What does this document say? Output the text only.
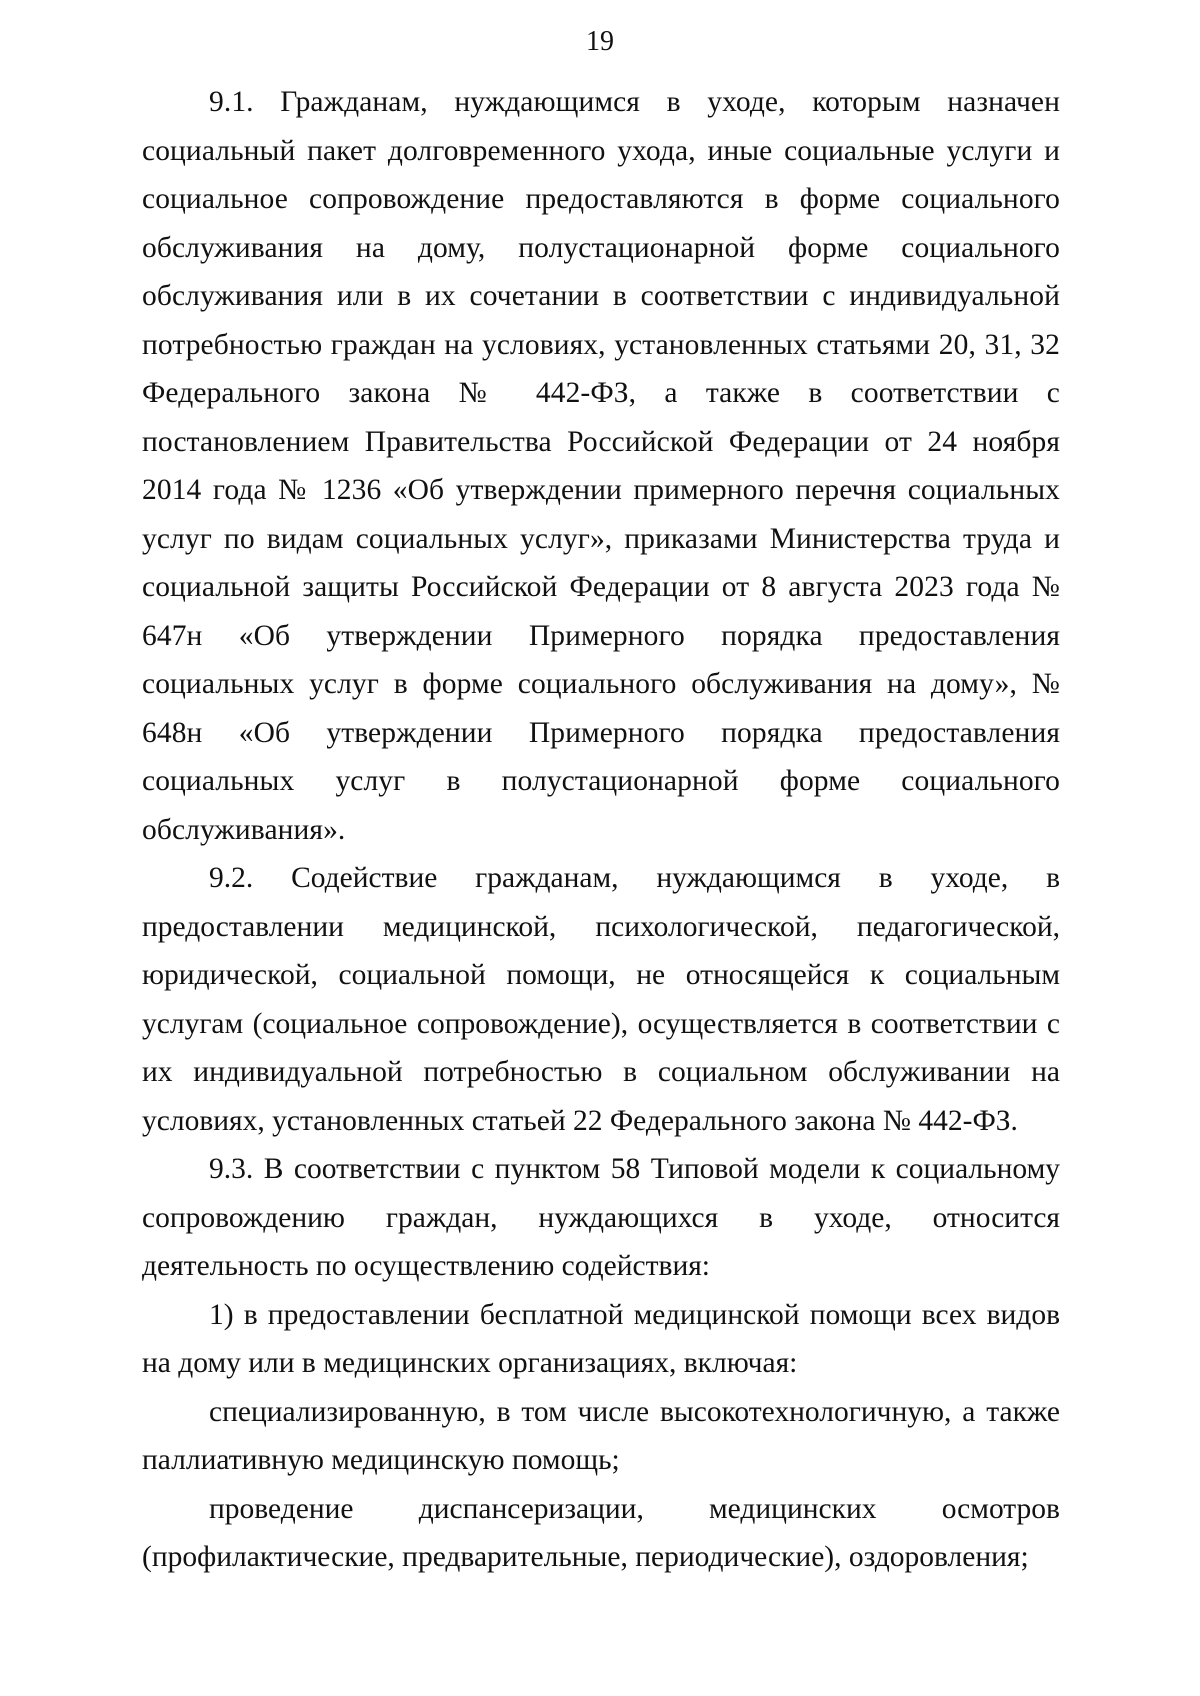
19

9.1. Гражданам, нуждающимся в уходе, которым назначен социальный пакет долговременного ухода, иные социальные услуги и социальное сопровождение предоставляются в форме социального обслуживания на дому, полустационарной форме социального обслуживания или в их сочетании в соответствии с индивидуальной потребностью граждан на условиях, установленных статьями 20, 31, 32 Федерального закона № 442-ФЗ, а также в соответствии с постановлением Правительства Российской Федерации от 24 ноября 2014 года № 1236 «Об утверждении примерного перечня социальных услуг по видам социальных услуг», приказами Министерства труда и социальной защиты Российской Федерации от 8 августа 2023 года № 647н «Об утверждении Примерного порядка предоставления социальных услуг в форме социального обслуживания на дому», № 648н «Об утверждении Примерного порядка предоставления социальных услуг в полустационарной форме социального обслуживания».

9.2. Содействие гражданам, нуждающимся в уходе, в предоставлении медицинской, психологической, педагогической, юридической, социальной помощи, не относящейся к социальным услугам (социальное сопровождение), осуществляется в соответствии с их индивидуальной потребностью в социальном обслуживании на условиях, установленных статьей 22 Федерального закона № 442-ФЗ.

9.3. В соответствии с пунктом 58 Типовой модели к социальному сопровождению граждан, нуждающихся в уходе, относится деятельность по осуществлению содействия:

1) в предоставлении бесплатной медицинской помощи всех видов на дому или в медицинских организациях, включая:

специализированную, в том числе высокотехнологичную, а также паллиативную медицинскую помощь;

проведение диспансеризации, медицинских осмотров (профилактические, предварительные, периодические), оздоровления;
